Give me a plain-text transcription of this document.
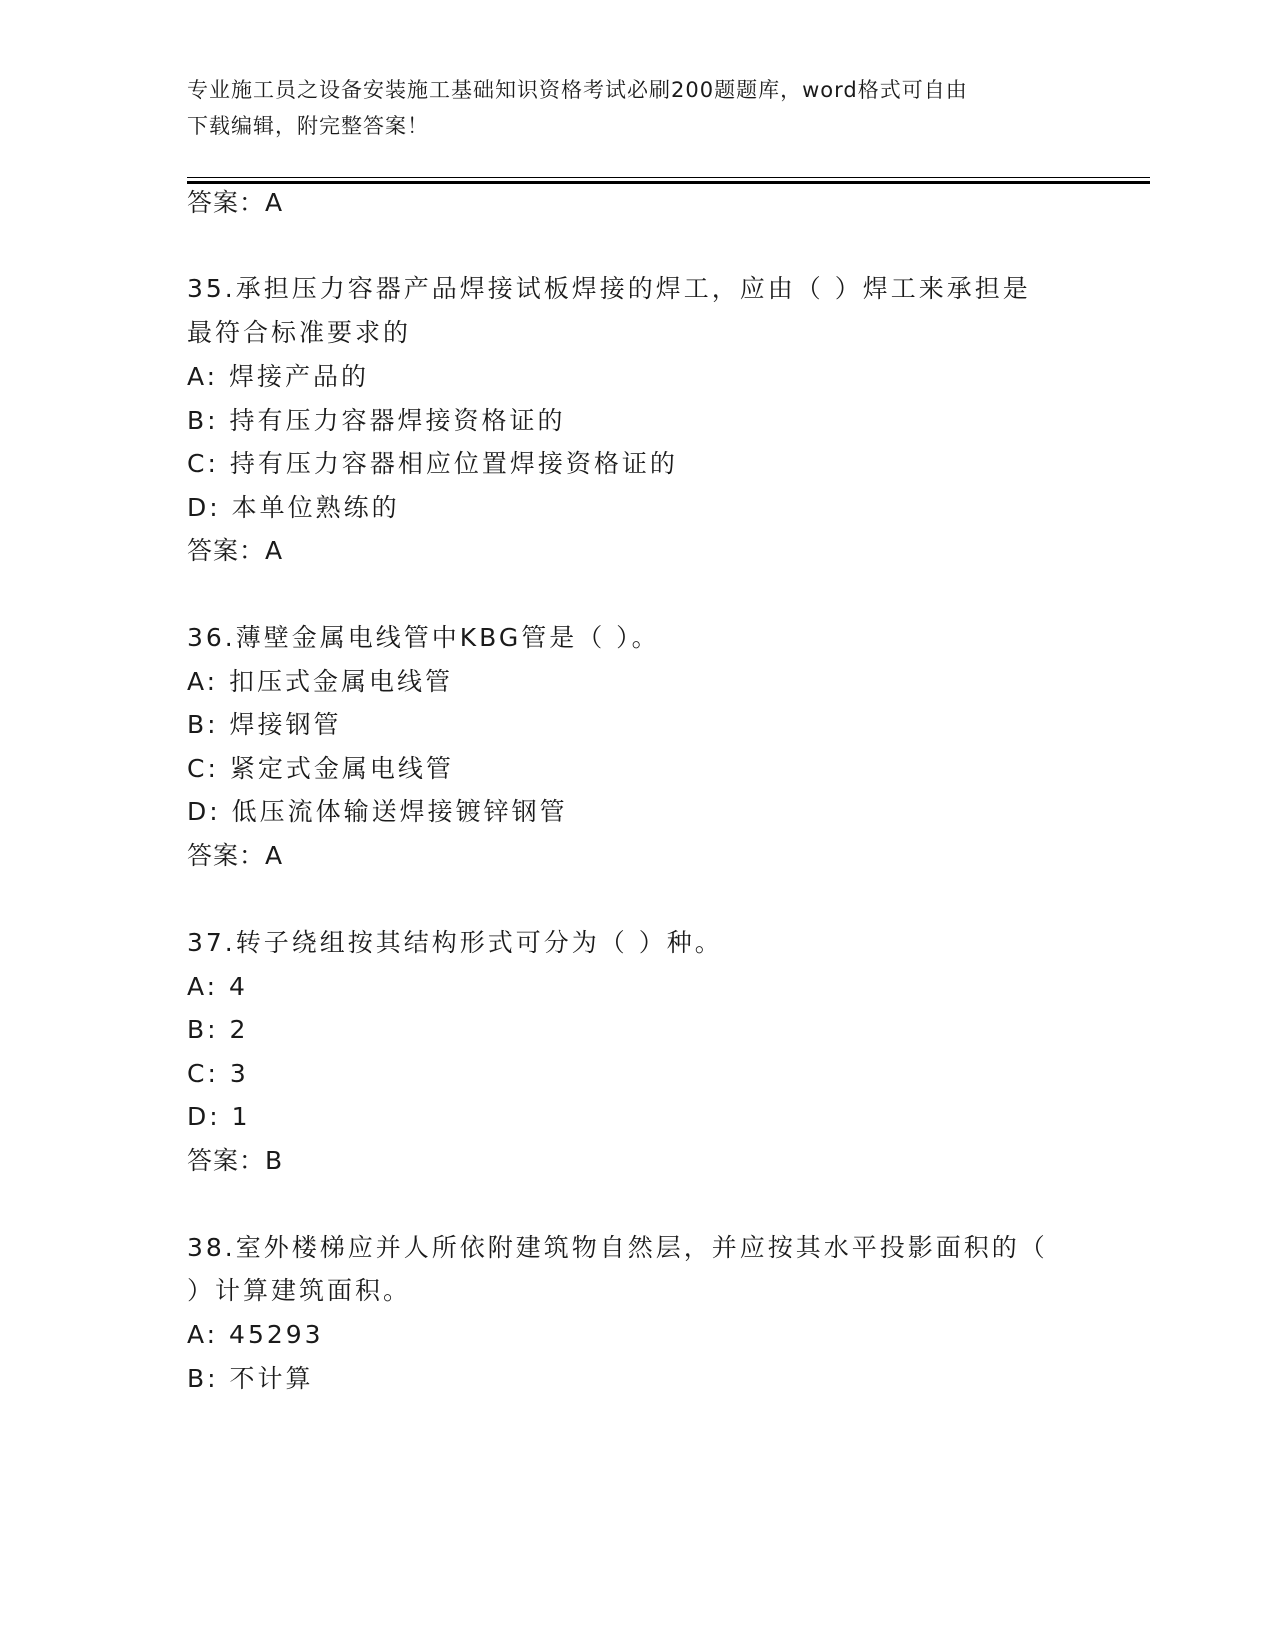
专业施工员之设备安装施工基础知识资格考试必刷200题题库，word格式可自由
下载编辑，附完整答案！
答案：A
35.承担压力容器产品焊接试板焊接的焊工，应由（ ）焊工来承担是
最符合标准要求的
A: 焊接产品的
B: 持有压力容器焊接资格证的
C: 持有压力容器相应位置焊接资格证的
D: 本单位熟练的
答案：A
36.薄壁金属电线管中KBG管是（ ）。
A: 扣压式金属电线管
B: 焊接钢管
C: 紧定式金属电线管
D: 低压流体输送焊接镀锌钢管
答案：A
37.转子绕组按其结构形式可分为（ ）种。
A: 4
B: 2
C: 3
D: 1
答案：B
38.室外楼梯应并人所依附建筑物自然层，并应按其水平投影面积的（
）计算建筑面积。
A: 45293
B: 不计算
